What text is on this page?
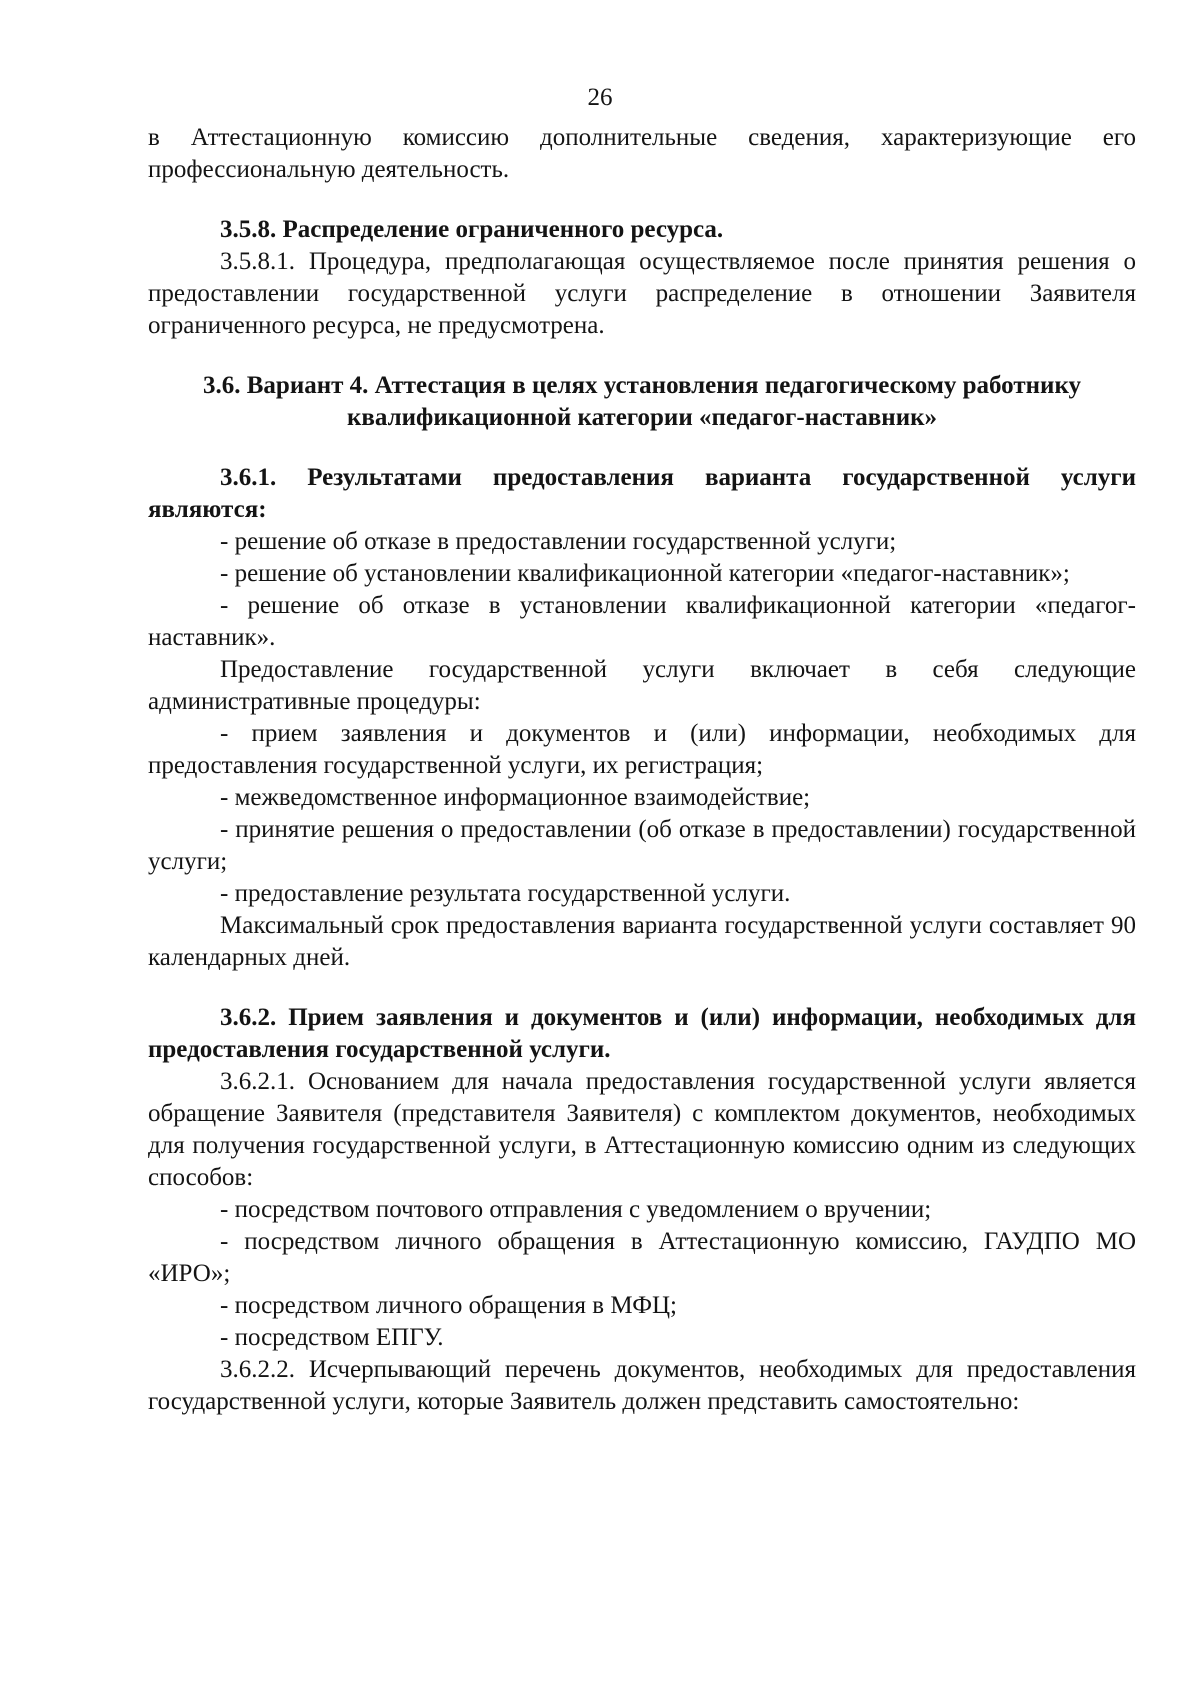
26

в Аттестационную комиссию дополнительные сведения, характеризующие его профессиональную деятельность.

3.5.8. Распределение ограниченного ресурса.

3.5.8.1. Процедура, предполагающая осуществляемое после принятия решения о предоставлении государственной услуги распределение в отношении Заявителя ограниченного ресурса, не предусмотрена.

3.6. Вариант 4. Аттестация в целях установления педагогическому работнику квалификационной категории «педагог-наставник»

3.6.1. Результатами предоставления варианта государственной услуги являются:

- решение об отказе в предоставлении государственной услуги;

- решение об установлении квалификационной категории «педагог-наставник»;

- решение об отказе в установлении квалификационной категории «педагог-наставник».

Предоставление государственной услуги включает в себя следующие административные процедуры:

- прием заявления и документов и (или) информации, необходимых для предоставления государственной услуги, их регистрация;

- межведомственное информационное взаимодействие;

- принятие решения о предоставлении (об отказе в предоставлении) государственной услуги;

- предоставление результата государственной услуги.

Максимальный срок предоставления варианта государственной услуги составляет 90 календарных дней.

3.6.2. Прием заявления и документов и (или) информации, необходимых для предоставления государственной услуги.

3.6.2.1. Основанием для начала предоставления государственной услуги является обращение Заявителя (представителя Заявителя) с комплектом документов, необходимых для получения государственной услуги, в Аттестационную комиссию одним из следующих способов:

- посредством почтового отправления с уведомлением о вручении;

- посредством личного обращения в Аттестационную комиссию, ГАУДПО МО «ИРО»;

- посредством личного обращения в МФЦ;

- посредством ЕПГУ.

3.6.2.2. Исчерпывающий перечень документов, необходимых для предоставления государственной услуги, которые Заявитель должен представить самостоятельно:
